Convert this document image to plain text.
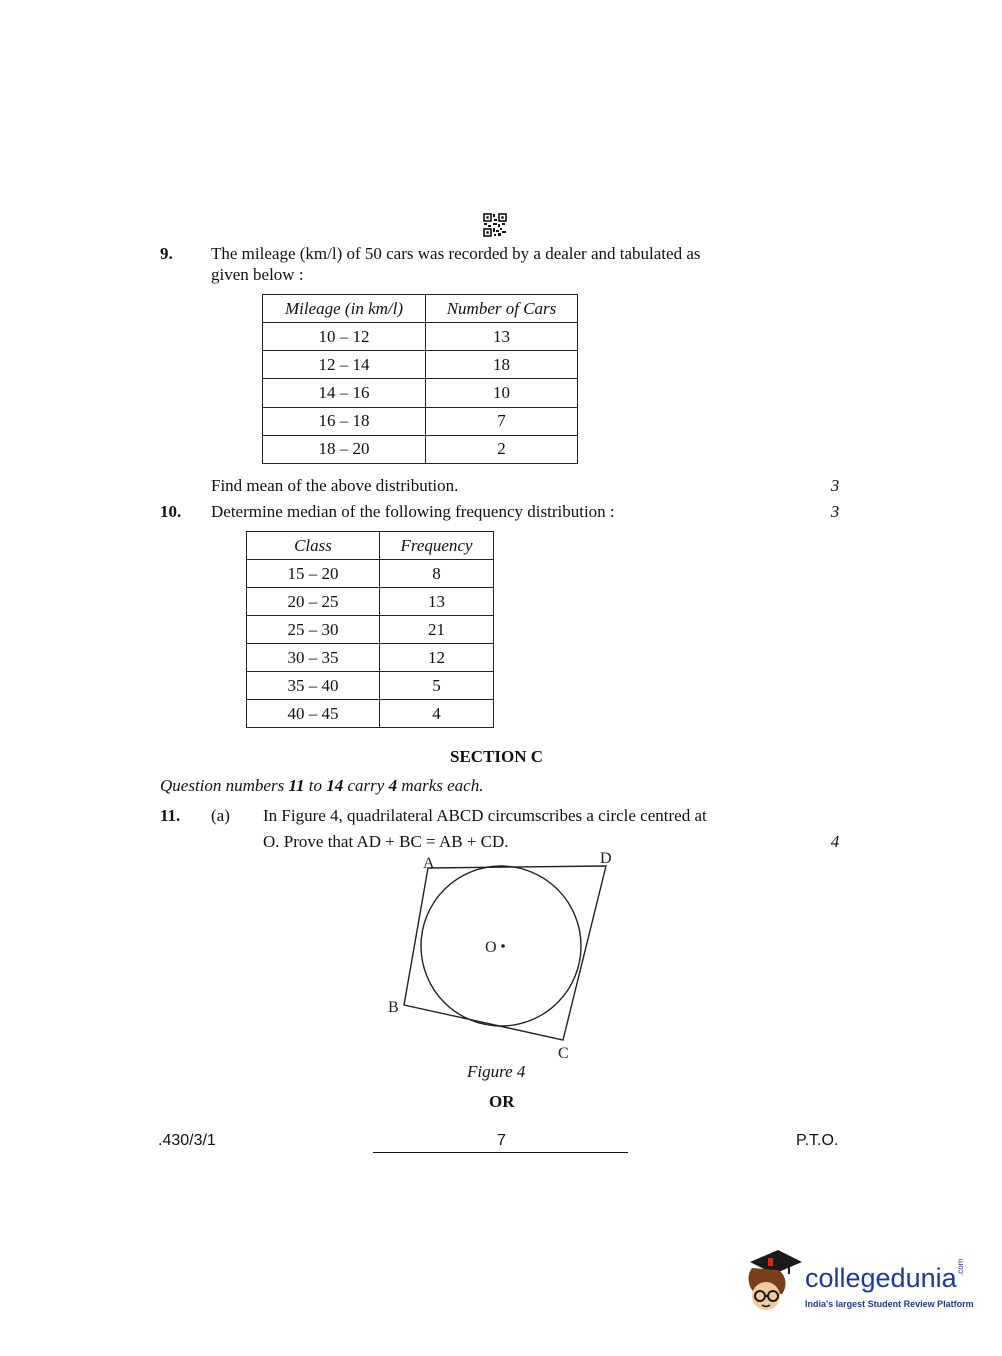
9. The mileage (km/l) of 50 cars was recorded by a dealer and tabulated as
given below :
Mileage (in km/l)	Number of Cars
10 – 12	13
12 – 14	18
14 – 16	10
16 – 18	7
18 – 20	2
Find mean of the above distribution.	3
10. Determine median of the following frequency distribution :	3
Class	Frequency
15 – 20	8
20 – 25	13
25 – 30	21
30 – 35	12
35 – 40	5
40 – 45	4
SECTION C
Question numbers 11 to 14 carry 4 marks each.
11. (a) In Figure 4, quadrilateral ABCD circumscribes a circle centred at
O. Prove that AD + BC = AB + CD.	4
A	D
B
C
O
Figure 4
OR
.430/3/1	7	P.T.O.
collegedunia
India's largest Student Review Platform
.com
